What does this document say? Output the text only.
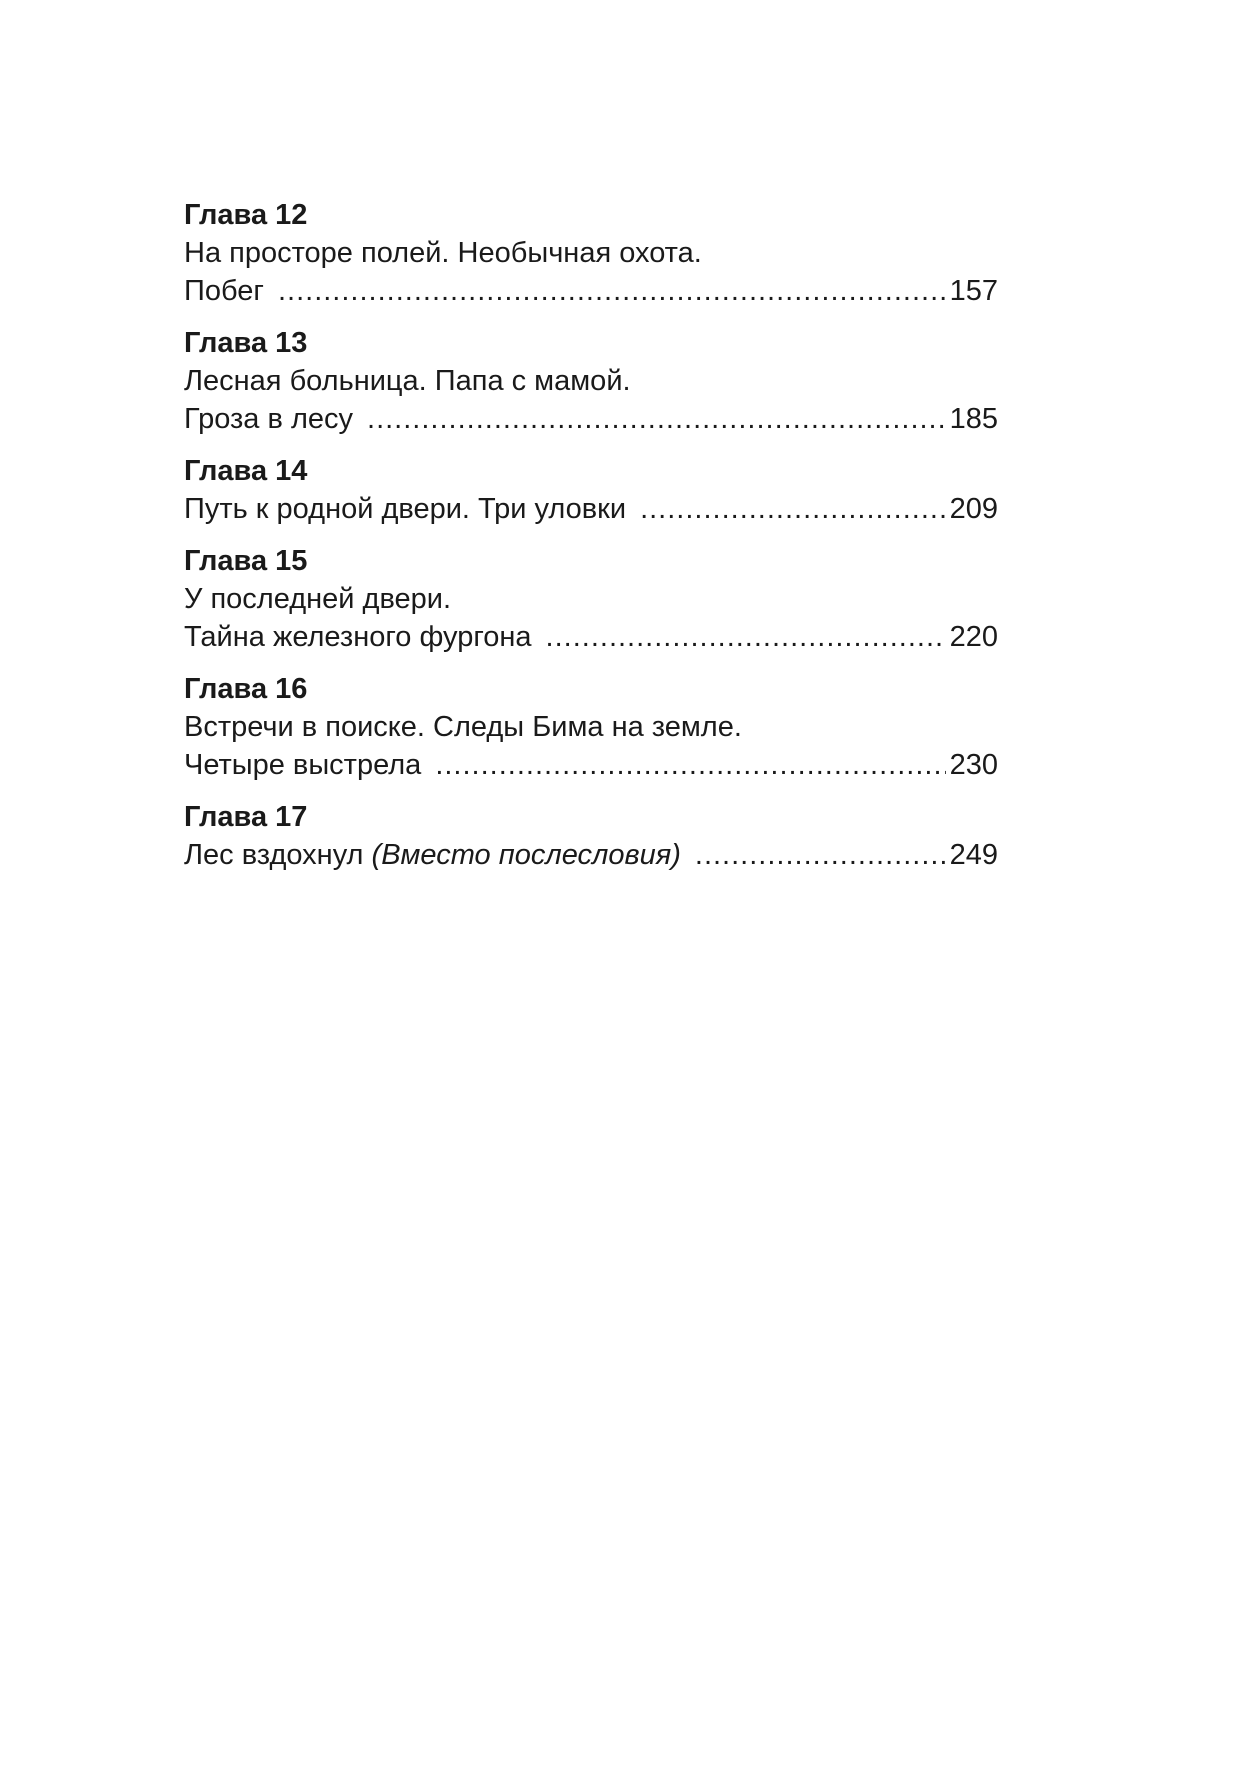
Глава 12
На просторе полей. Необычная охота.
Побег .....	157
Глава 13
Лесная больница. Папа с мамой.
Гроза в лесу .....	185
Глава 14
Путь к родной двери. Три уловки .....	209
Глава 15
У последней двери.
Тайна железного фургона .....	220
Глава 16
Встречи в поиске. Следы Бима на земле.
Четыре выстрела .....	230
Глава 17
Лес вздохнул (Вместо послесловия) .....	249
